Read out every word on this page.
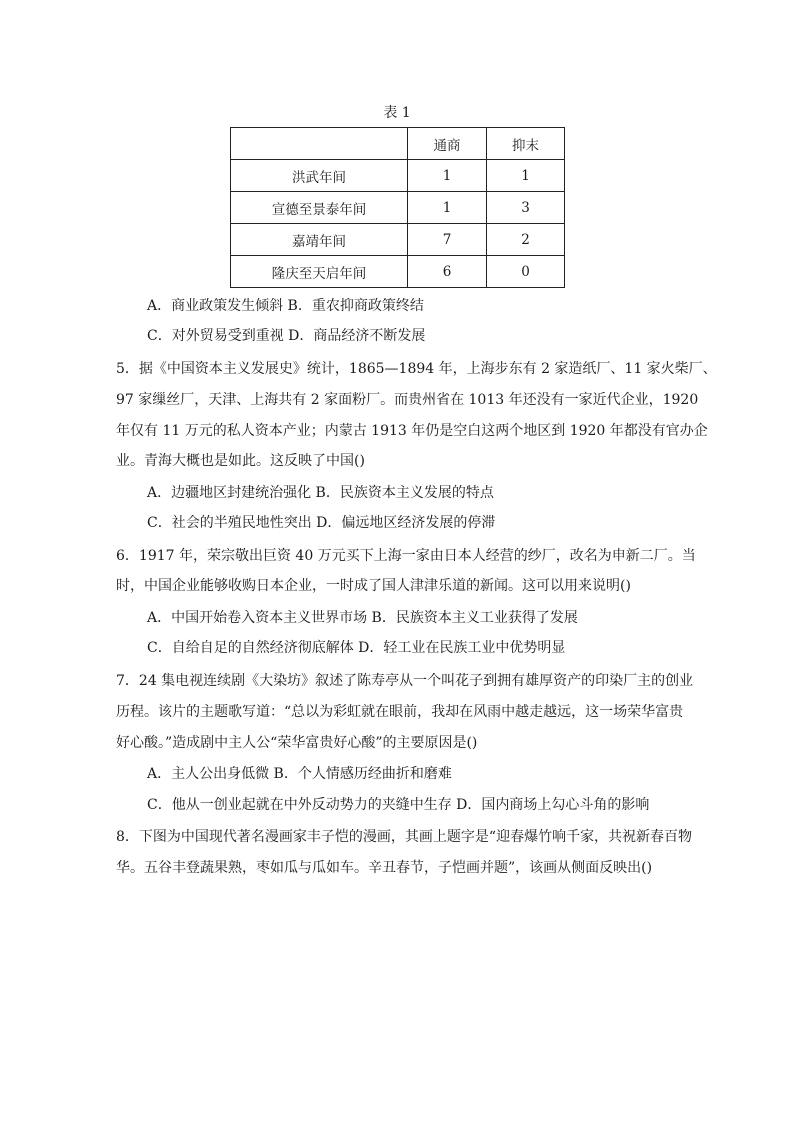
表 1
	通商	抑末
洪武年间	1	1
宣德至景泰年间	1	3
嘉靖年间	7	2
隆庆至天启年间	6	0
A．商业政策发生倾斜 B．重农抑商政策终结
C．对外贸易受到重视 D．商品经济不断发展
5．据《中国资本主义发展史》统计，1865—1894 年，上海步东有 2 家造纸厂、11 家火柴厂、
97 家缫丝厂，天津、上海共有 2 家面粉厂。而贵州省在 1013 年还没有一家近代企业，1920
年仅有 11 万元的私人资本产业；内蒙古 1913 年仍是空白这两个地区到 1920 年都没有官办企
业。青海大概也是如此。这反映了中国()
A．边疆地区封建统治强化 B．民族资本主义发展的特点
C．社会的半殖民地性突出 D．偏远地区经济发展的停滞
6．1917 年，荣宗敬出巨资 40 万元买下上海一家由日本人经营的纱厂，改名为申新二厂。当
时，中国企业能够收购日本企业，一时成了国人津津乐道的新闻。这可以用来说明()
A．中国开始卷入资本主义世界市场 B．民族资本主义工业获得了发展
C．自给自足的自然经济彻底解体 D．轻工业在民族工业中优势明显
7．24 集电视连续剧《大染坊》叙述了陈寿亭从一个叫花子到拥有雄厚资产的印染厂主的创业
历程。该片的主题歌写道：“总以为彩虹就在眼前，我却在风雨中越走越远，这一场荣华富贵
好心酸。”造成剧中主人公“荣华富贵好心酸”的主要原因是()
A．主人公出身低微 B．个人情感历经曲折和磨难
C．他从一创业起就在中外反动势力的夹缝中生存 D．国内商场上勾心斗角的影响
8．下图为中国现代著名漫画家丰子恺的漫画，其画上题字是“迎春爆竹响千家，共祝新春百物
华。五谷丰登蔬果熟，枣如瓜与瓜如车。辛丑春节，子恺画并题”，该画从侧面反映出()
